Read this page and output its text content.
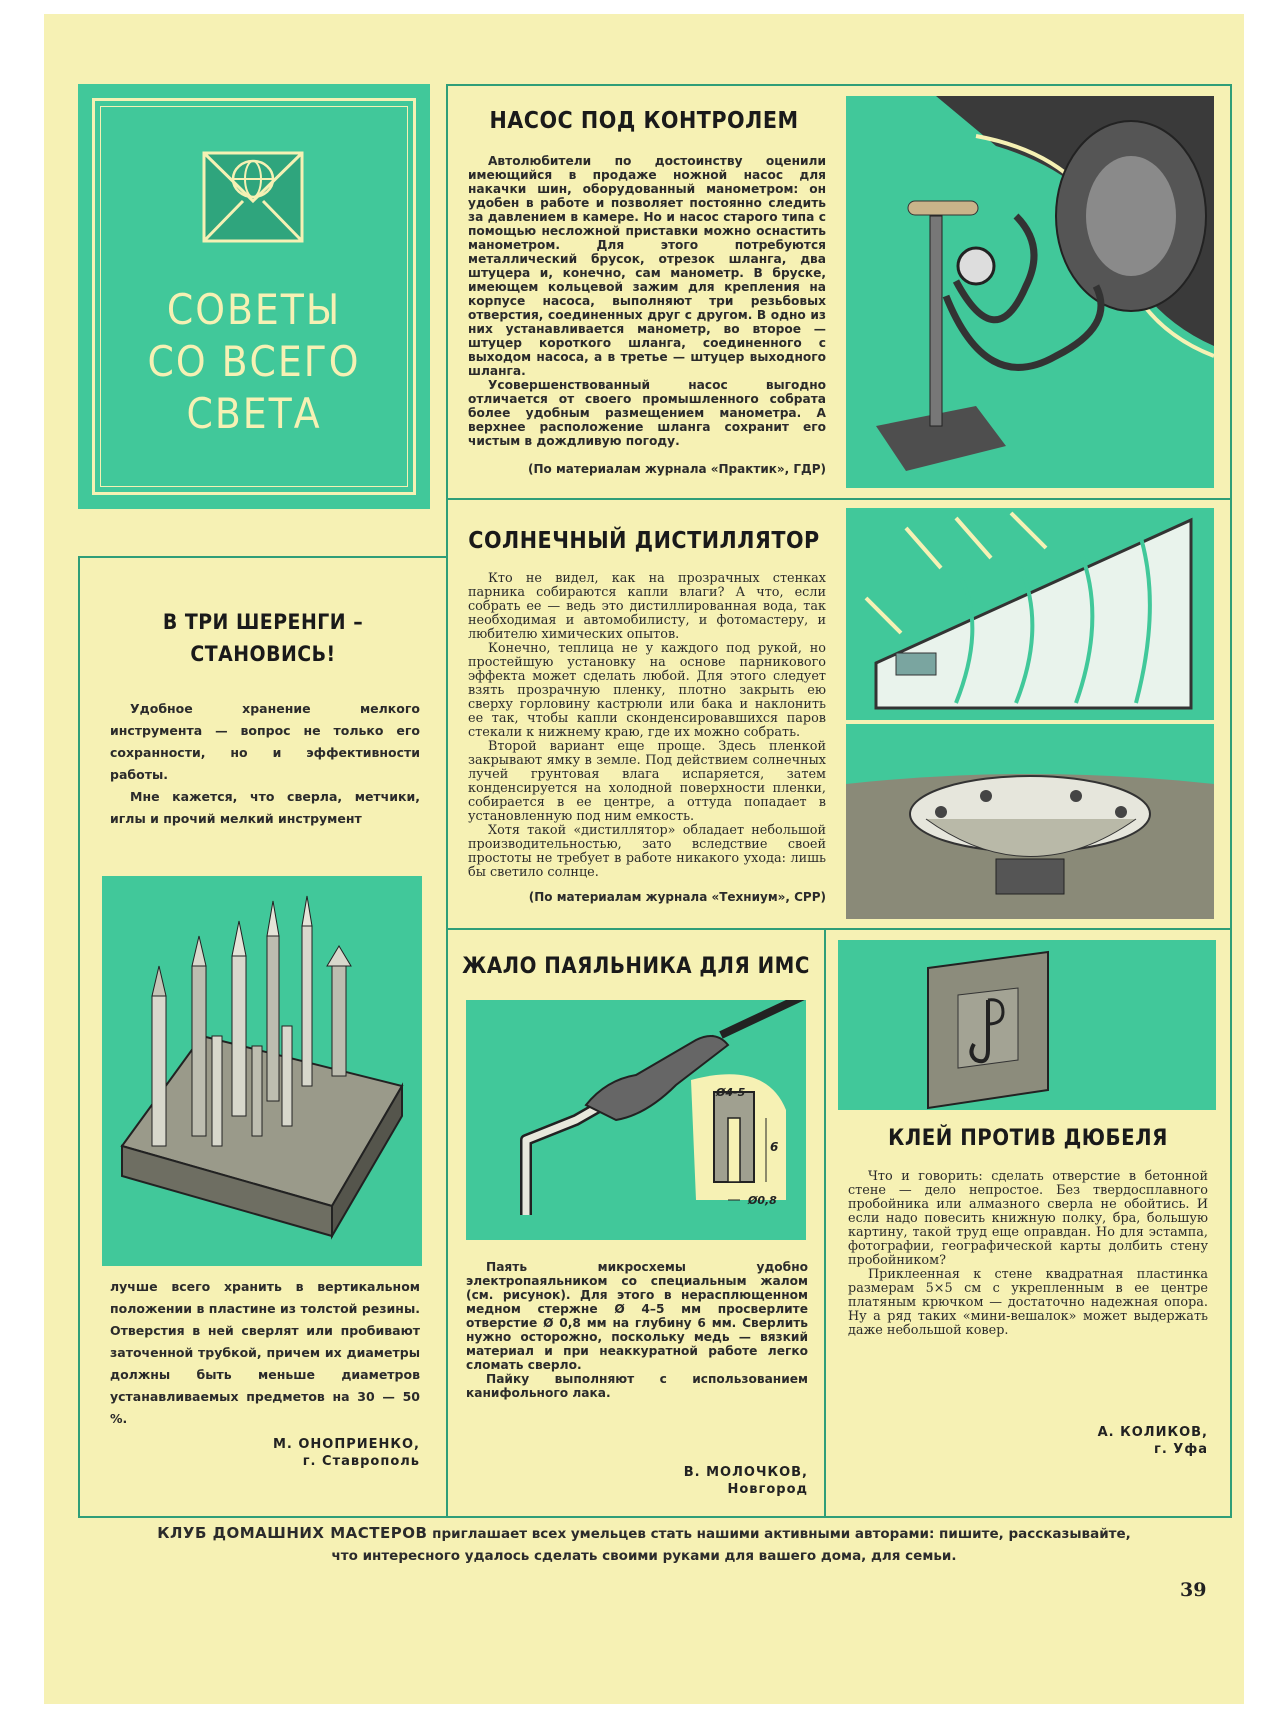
СОВЕТЫ
СО ВСЕГО
СВЕТА
НАСОС ПОД КОНТРОЛЕМ

Автолюбители по достоинству оценили имеющийся в продаже ножной насос для накачки шин, оборудованный манометром: он удобен в работе и позволяет постоянно следить за давлением в камере. Но и насос старого типа с помощью несложной приставки можно оснастить манометром. Для этого потребуются металлический брусок, отрезок шланга, два штуцера и, конечно, сам манометр. В бруске, имеющем кольцевой зажим для крепления на корпусе насоса, выполняют три резьбовых отверстия, соединенных друг с другом. В одно из них устанавливается манометр, во второе — штуцер короткого шланга, соединенного с выходом насоса, а в третье — штуцер выходного шланга.

Усовершенствованный насос выгодно отличается от своего промышленного собрата более удобным размещением манометра. А верхнее расположение шланга сохранит его чистым в дождливую погоду.

(По материалам журнала «Практик», ГДР)
СОЛНЕЧНЫЙ ДИСТИЛЛЯТОР

Кто не видел, как на прозрачных стенках парника собираются капли влаги? А что, если собрать ее — ведь это дистиллированная вода, так необходимая и автомобилисту, и фотомастеру, и любителю химических опытов.

Конечно, теплица не у каждого под рукой, но простейшую установку на основе парникового эффекта может сделать любой. Для этого следует взять прозрачную пленку, плотно закрыть ею сверху горловину кастрюли или бака и наклонить ее так, чтобы капли сконденсировавшихся паров стекали к нижнему краю, где их можно собрать.

Второй вариант еще проще. Здесь пленкой закрывают ямку в земле. Под действием солнечных лучей грунтовая влага испаряется, затем конденсируется на холодной поверхности пленки, собирается в ее центре, а оттуда попадает в установленную под ним емкость.

Хотя такой «дистиллятор» обладает небольшой производительностью, зато вследствие своей простоты не требует в работе никакого ухода: лишь бы светило солнце.

(По материалам журнала «Техниум», СРР)
В ТРИ ШЕРЕНГИ –
СТАНОВИСЬ!

Удобное хранение мелкого инструмента — вопрос не только его сохранности, но и эффективности работы.

Мне кажется, что сверла, метчики, иглы и прочий мелкий инструмент

лучше всего хранить в вертикальном положении в пластине из толстой резины. Отверстия в ней сверлят или пробивают заточенной трубкой, причем их диаметры должны быть меньше диаметров устанавливаемых предметов на 30 — 50 %.

М. ОНОПРИЕНКО,
г. Ставрополь
ЖАЛО ПАЯЛЬНИКА ДЛЯ ИМС
Ø4-5
6
Ø0,8

Паять микросхемы удобно электропаяльником со специальным жалом (см. рисунок). Для этого в нерасплющенном медном стержне Ø 4–5 мм просверлите отверстие Ø 0,8 мм на глубину 6 мм. Сверлить нужно осторожно, поскольку медь — вязкий материал и при неаккуратной работе легко сломать сверло.

Пайку выполняют с использованием канифольного лака.

В. МОЛОЧКОВ,
Новгород
КЛЕЙ ПРОТИВ ДЮБЕЛЯ

Что и говорить: сделать отверстие в бетонной стене — дело непростое. Без твердосплавного пробойника или алмазного сверла не обойтись. И если надо повесить книжную полку, бра, большую картину, такой труд еще оправдан. Но для эстампа, фотографии, географической карты долбить стену пробойником?

Приклеенная к стене квадратная пластинка размерам 5×5 см с укрепленным в ее центре платяным крючком — достаточно надежная опора. Ну а ряд таких «мини-вешалок» может выдержать даже небольшой ковер.

А. КОЛИКОВ,
г. Уфа
КЛУБ ДОМАШНИХ МАСТЕРОВ приглашает всех умельцев стать нашими активными авторами: пишите, рассказывайте,
что интересного удалось сделать своими руками для вашего дома, для семьи.
39
